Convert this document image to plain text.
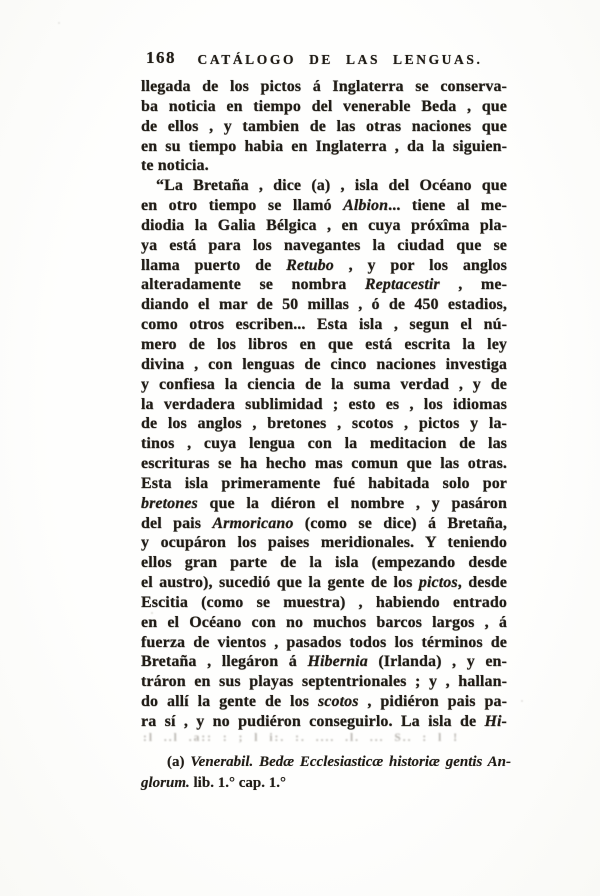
168	CATÁLOGO DE LAS LENGUAS.
llegada de los pictos á Inglaterra se conserva-
ba noticia en tiempo del venerable Beda , que
de ellos , y tambien de las otras naciones que
en su tiempo habia en Inglaterra , da la siguien-
te noticia.
“La Bretaña , dice (a) , isla del Océano que
en otro tiempo se llamó Albion... tiene al me-
diodia la Galia Bélgica , en cuya próxîma pla-
ya está para los navegantes la ciudad que se
llama puerto de Retubo , y por los anglos
alteradamente se nombra Reptacestir , me-
diando el mar de 50 millas , ó de 450 estadios,
como otros escriben... Esta isla , segun el nú-
mero de los libros en que está escrita la ley
divina , con lenguas de cinco naciones investiga
y confiesa la ciencia de la suma verdad , y de
la verdadera sublimidad ; esto es , los idiomas
de los anglos , bretones , scotos , pictos y la-
tinos , cuya lengua con la meditacion de las
escrituras se ha hecho mas comun que las otras.
Esta isla primeramente fué habitada solo por
bretones que la diéron el nombre , y pasáron
del pais Armoricano (como se dice) á Bretaña,
y ocupáron los paises meridionales. Y teniendo
ellos gran parte de la isla (empezando desde
el austro), sucedió que la gente de los pictos, desde
Escitia (como se muestra) , habiendo entrado
en el Océano con no muchos barcos largos , á
fuerza de vientos , pasados todos los términos de
Bretaña , llegáron á Hibernia (Irlanda) , y en-
tráron en sus playas septentrionales ; y , hallan-
do allí la gente de los scotos , pidiéron pais pa-
ra sí , y no pudiéron conseguirlo. La isla de Hi-
:l ..l .a:: : ; l i:. :. .... .l. ... S.. : l !
(a) Venerabil. Bedæ Ecclesiasticæ historiæ gentis An-
glorum. lib. 1.° cap. 1.°
